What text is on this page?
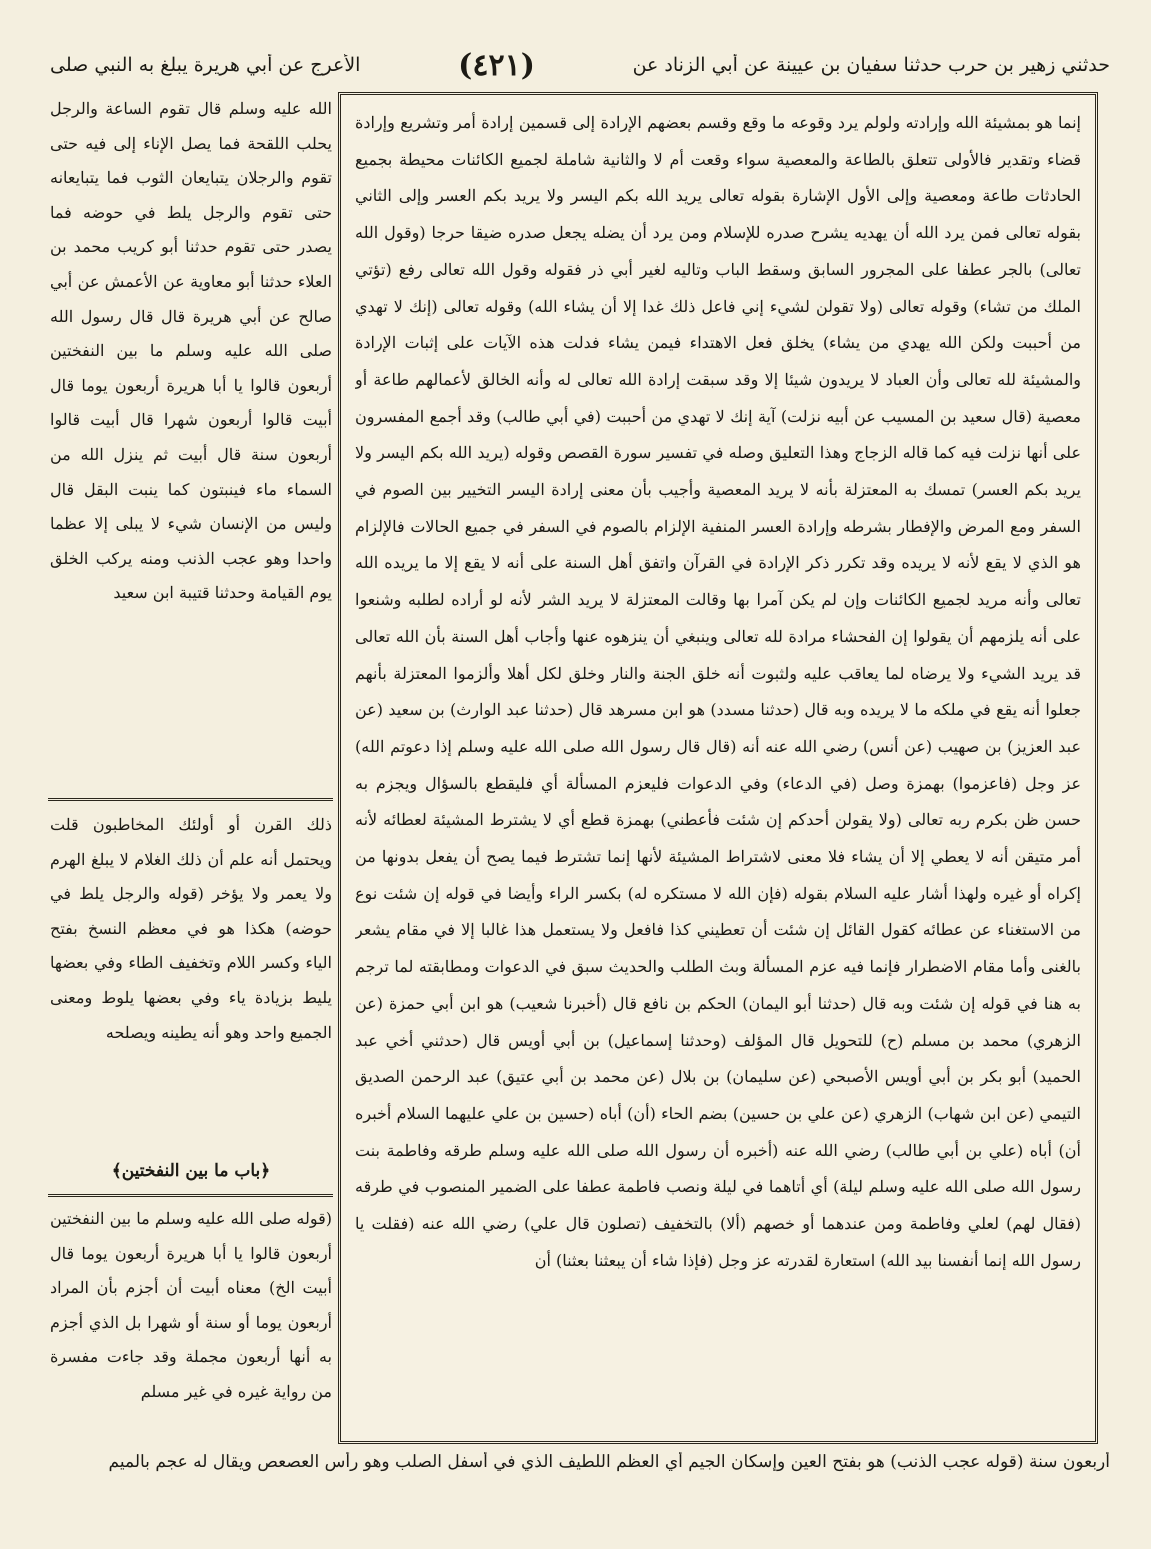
حدثني زهير بن حرب حدثنا سفيان بن عيينة عن أبي الزناد عن
(٤٢١)
الأعرج عن أبي هريرة يبلغ به النبي صلى
إنما هو بمشيئة الله وإرادته ولولم يرد وقوعه ما وقع وقسم بعضهم الإرادة إلى قسمين إرادة أمر وتشريع وإرادة قضاء وتقدير فالأولى تتعلق بالطاعة والمعصية سواء وقعت أم لا والثانية شاملة لجميع الكائنات محيطة بجميع الحادثات طاعة ومعصية وإلى الأول الإشارة بقوله تعالى يريد الله بكم اليسر ولا يريد بكم العسر وإلى الثاني بقوله تعالى فمن يرد الله أن يهديه يشرح صدره للإسلام ومن يرد أن يضله يجعل صدره ضيقا حرجا (وقول الله تعالى) بالجر عطفا على المجرور السابق وسقط الباب وتاليه لغير أبي ذر فقوله وقول الله تعالى رفع (تؤتي الملك من تشاء) وقوله تعالى (ولا تقولن لشيء إني فاعل ذلك غدا إلا أن يشاء الله) وقوله تعالى (إنك لا تهدي من أحببت ولكن الله يهدي من يشاء) يخلق فعل الاهتداء فيمن يشاء فدلت هذه الآيات على إثبات الإرادة والمشيئة لله تعالى وأن العباد لا يريدون شيئا إلا وقد سبقت إرادة الله تعالى له وأنه الخالق لأعمالهم طاعة أو معصية (قال سعيد بن المسيب عن أبيه نزلت) آية إنك لا تهدي من أحببت (في أبي طالب) وقد أجمع المفسرون على أنها نزلت فيه كما قاله الزجاج وهذا التعليق وصله في تفسير سورة القصص وقوله (يريد الله بكم اليسر ولا يريد بكم العسر) تمسك به المعتزلة بأنه لا يريد المعصية وأجيب بأن معنى إرادة اليسر التخيير بين الصوم في السفر ومع المرض والإفطار بشرطه وإرادة العسر المنفية الإلزام بالصوم في السفر في جميع الحالات فالإلزام هو الذي لا يقع لأنه لا يريده وقد تكرر ذكر الإرادة في القرآن واتفق أهل السنة على أنه لا يقع إلا ما يريده الله تعالى وأنه مريد لجميع الكائنات وإن لم يكن آمرا بها وقالت المعتزلة لا يريد الشر لأنه لو أراده لطلبه وشنعوا على أنه يلزمهم أن يقولوا إن الفحشاء مرادة لله تعالى وينبغي أن ينزهوه عنها وأجاب أهل السنة بأن الله تعالى قد يريد الشيء ولا يرضاه لما يعاقب عليه ولثبوت أنه خلق الجنة والنار وخلق لكل أهلا وألزموا المعتزلة بأنهم جعلوا أنه يقع في ملكه ما لا يريده وبه قال (حدثنا مسدد) هو ابن مسرهد قال (حدثنا عبد الوارث) بن سعيد (عن عبد العزيز) بن صهيب (عن أنس) رضي الله عنه أنه (قال قال رسول الله صلى الله عليه وسلم إذا دعوتم الله) عز وجل (فاعزموا) بهمزة وصل (في الدعاء) وفي الدعوات فليعزم المسألة أي فليقطع بالسؤال ويجزم به حسن ظن بكرم ربه تعالى (ولا يقولن أحدكم إن شئت فأعطني) بهمزة قطع أي لا يشترط المشيئة لعطائه لأنه أمر متيقن أنه لا يعطي إلا أن يشاء فلا معنى لاشتراط المشيئة لأنها إنما تشترط فيما يصح أن يفعل بدونها من إكراه أو غيره ولهذا أشار عليه السلام بقوله (فإن الله لا مستكره له) بكسر الراء وأيضا في قوله إن شئت نوع من الاستغناء عن عطائه كقول القائل إن شئت أن تعطيني كذا فافعل ولا يستعمل هذا غالبا إلا في مقام يشعر بالغنى وأما مقام الاضطرار فإنما فيه عزم المسألة وبث الطلب والحديث سبق في الدعوات ومطابقته لما ترجم به هنا في قوله إن شئت وبه قال (حدثنا أبو اليمان) الحكم بن نافع قال (أخبرنا شعيب) هو ابن أبي حمزة (عن الزهري) محمد بن مسلم (ح) للتحويل قال المؤلف (وحدثنا إسماعيل) بن أبي أويس قال (حدثني أخي عبد الحميد) أبو بكر بن أبي أويس الأصبحي (عن سليمان) بن بلال (عن محمد بن أبي عتيق) عبد الرحمن الصديق التيمي (عن ابن شهاب) الزهري (عن علي بن حسين) بضم الحاء (أن) أباه (حسين بن علي عليهما السلام أخبره أن) أباه (علي بن أبي طالب) رضي الله عنه (أخبره أن رسول الله صلى الله عليه وسلم طرقه وفاطمة بنت رسول الله صلى الله عليه وسلم ليلة) أي أتاهما في ليلة ونصب فاطمة عطفا على الضمير المنصوب في طرقه (فقال لهم) لعلي وفاطمة ومن عندهما أو خصهم (ألا) بالتخفيف (تصلون قال علي) رضي الله عنه (فقلت يا رسول الله إنما أنفسنا بيد الله) استعارة لقدرته عز وجل (فإذا شاء أن يبعثنا بعثنا) أن
الله عليه وسلم قال تقوم الساعة والرجل يحلب اللقحة فما يصل الإناء إلى فيه حتى تقوم والرجلان يتبايعان الثوب فما يتبايعانه حتى تقوم والرجل يلط في حوضه فما يصدر حتى تقوم حدثنا أبو كريب محمد بن العلاء حدثنا أبو معاوية عن الأعمش عن أبي صالح عن أبي هريرة قال قال رسول الله صلى الله عليه وسلم ما بين النفختين أربعون قالوا يا أبا هريرة أربعون يوما قال أبيت قالوا أربعون شهرا قال أبيت قالوا أربعون سنة قال أبيت ثم ينزل الله من السماء ماء فينبتون كما ينبت البقل قال وليس من الإنسان شيء لا يبلى إلا عظما واحدا وهو عجب الذنب ومنه يركب الخلق يوم القيامة وحدثنا قتيبة ابن سعيد
ذلك القرن أو أولئك المخاطبون قلت ويحتمل أنه علم أن ذلك الغلام لا يبلغ الهرم ولا يعمر ولا يؤخر (قوله والرجل يلط في حوضه) هكذا هو في معظم النسخ بفتح الياء وكسر اللام وتخفيف الطاء وفي بعضها يليط بزيادة ياء وفي بعضها يلوط ومعنى الجميع واحد وهو أنه يطينه ويصلحه
﴿باب ما بين النفختين﴾
(قوله صلى الله عليه وسلم ما بين النفختين أربعون قالوا يا أبا هريرة أربعون يوما قال أبيت الخ) معناه أبيت أن أجزم بأن المراد أربعون يوما أو سنة أو شهرا بل الذي أجزم به أنها أربعون مجملة وقد جاءت مفسرة من رواية غيره في غير مسلم
أربعون سنة (قوله عجب الذنب) هو بفتح العين وإسكان الجيم أي العظم اللطيف الذي في أسفل الصلب وهو رأس العصعص ويقال له عجم بالميم
